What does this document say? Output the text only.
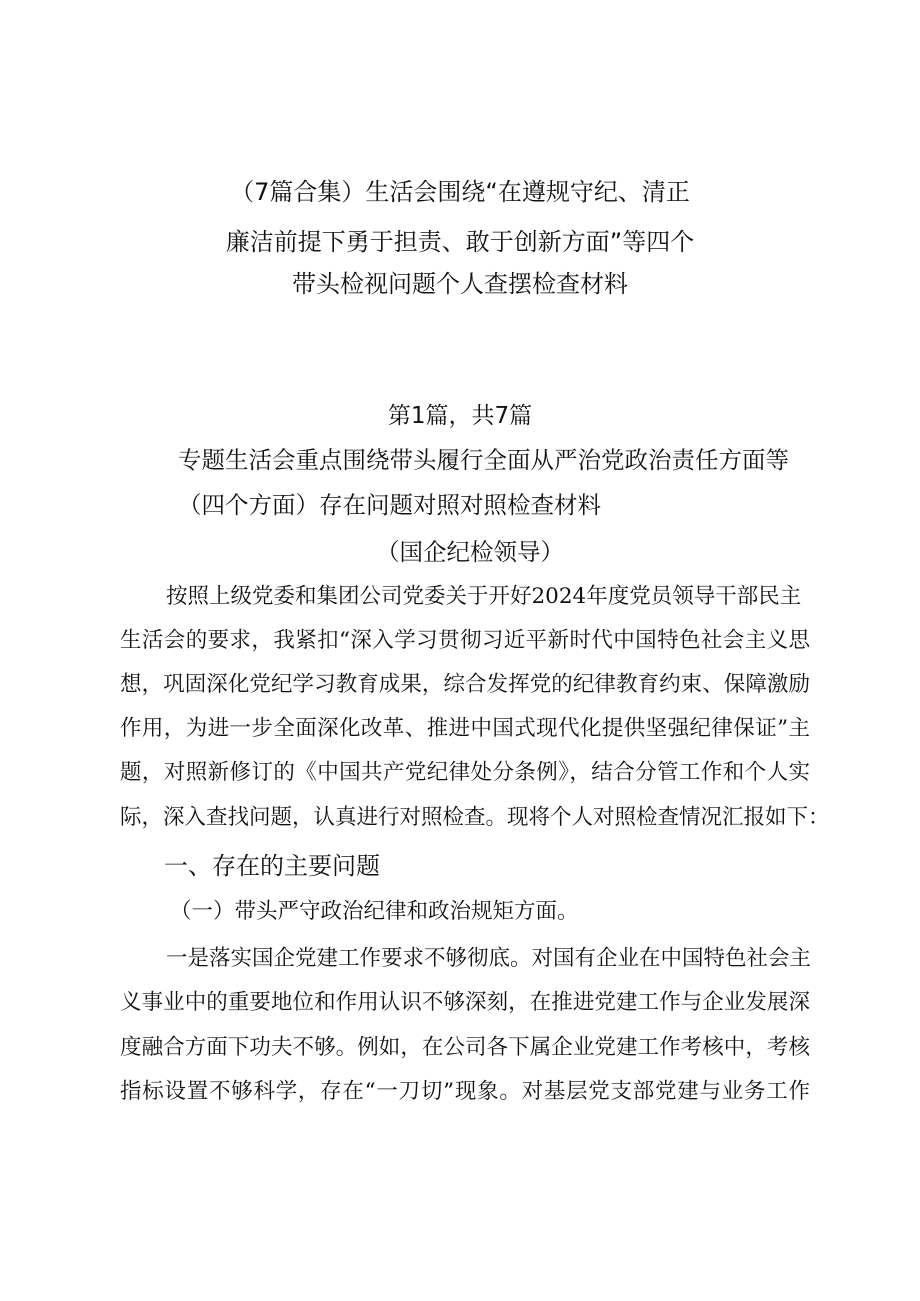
（7篇合集）生活会围绕“在遵规守纪、清正
廉洁前提下勇于担责、敢于创新方面”等四个
带头检视问题个人查摆检查材料
第1篇，共7篇
专题生活会重点围绕带头履行全面从严治党政治责任方面等
（四个方面）存在问题对照对照检查材料
（国企纪检领导）
按照上级党委和集团公司党委关于开好2024年度党员领导干部民主
生活会的要求，我紧扣“深入学习贯彻习近平新时代中国特色社会主义思
想，巩固深化党纪学习教育成果，综合发挥党的纪律教育约束、保障激励
作用，为进一步全面深化改革、推进中国式现代化提供坚强纪律保证”主
题，对照新修订的《中国共产党纪律处分条例》，结合分管工作和个人实
际，深入查找问题，认真进行对照检查。现将个人对照检查情况汇报如下：
一、存在的主要问题
（一）带头严守政治纪律和政治规矩方面。
一是落实国企党建工作要求不够彻底。对国有企业在中国特色社会主
义事业中的重要地位和作用认识不够深刻，在推进党建工作与企业发展深
度融合方面下功夫不够。例如，在公司各下属企业党建工作考核中，考核
指标设置不够科学，存在“一刀切”现象。对基层党支部党建与业务工作
